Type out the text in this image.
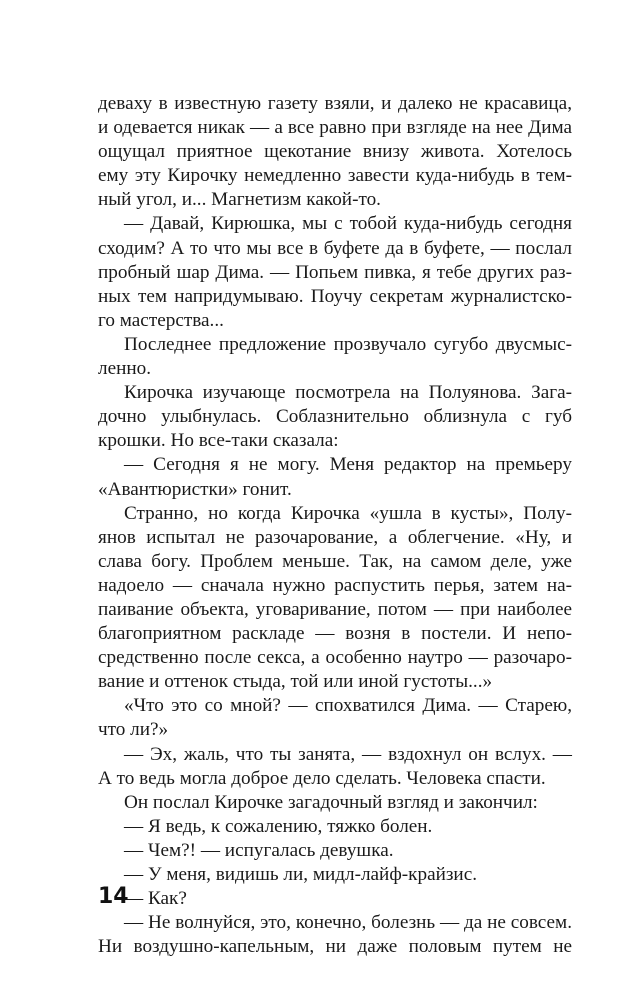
деваху в известную газету взяли, и далеко не красавица,
и одевается никак — а все равно при взгляде на нее Дима
ощущал приятное щекотание внизу живота. Хотелось
ему эту Кирочку немедленно завести куда-нибудь в тем-
ный угол, и... Магнетизм какой-то.
— Давай, Кирюшка, мы с тобой куда-нибудь сегодня
сходим? А то что мы все в буфете да в буфете, — послал
пробный шар Дима. — Попьем пивка, я тебе других раз-
ных тем напридумываю. Поучу секретам журналистско-
го мастерства...
Последнее предложение прозвучало сугубо двусмыс-
ленно.
Кирочка изучающе посмотрела на Полуянова. Зага-
дочно улыбнулась. Соблазнительно облизнула с губ
крошки. Но все-таки сказала:
— Сегодня я не могу. Меня редактор на премьеру
«Авантюристки» гонит.
Странно, но когда Кирочка «ушла в кусты», Полу-
янов испытал не разочарование, а облегчение. «Ну, и
слава богу. Проблем меньше. Так, на самом деле, уже
надоело — сначала нужно распустить перья, затем на-
паивание объекта, уговаривание, потом — при наиболее
благоприятном раскладе — возня в постели. И непо-
средственно после секса, а особенно наутро — разочаро-
вание и оттенок стыда, той или иной густоты...»
«Что это со мной? — спохватился Дима. — Старею,
что ли?»
— Эх, жаль, что ты занята, — вздохнул он вслух. —
А то ведь могла доброе дело сделать. Человека спасти.
Он послал Кирочке загадочный взгляд и закончил:
— Я ведь, к сожалению, тяжко болен.
— Чем?! — испугалась девушка.
— У меня, видишь ли, мидл-лайф-крайзис.
— Как?
— Не волнуйся, это, конечно, болезнь — да не совсем.
Ни воздушно-капельным, ни даже половым путем не
14
